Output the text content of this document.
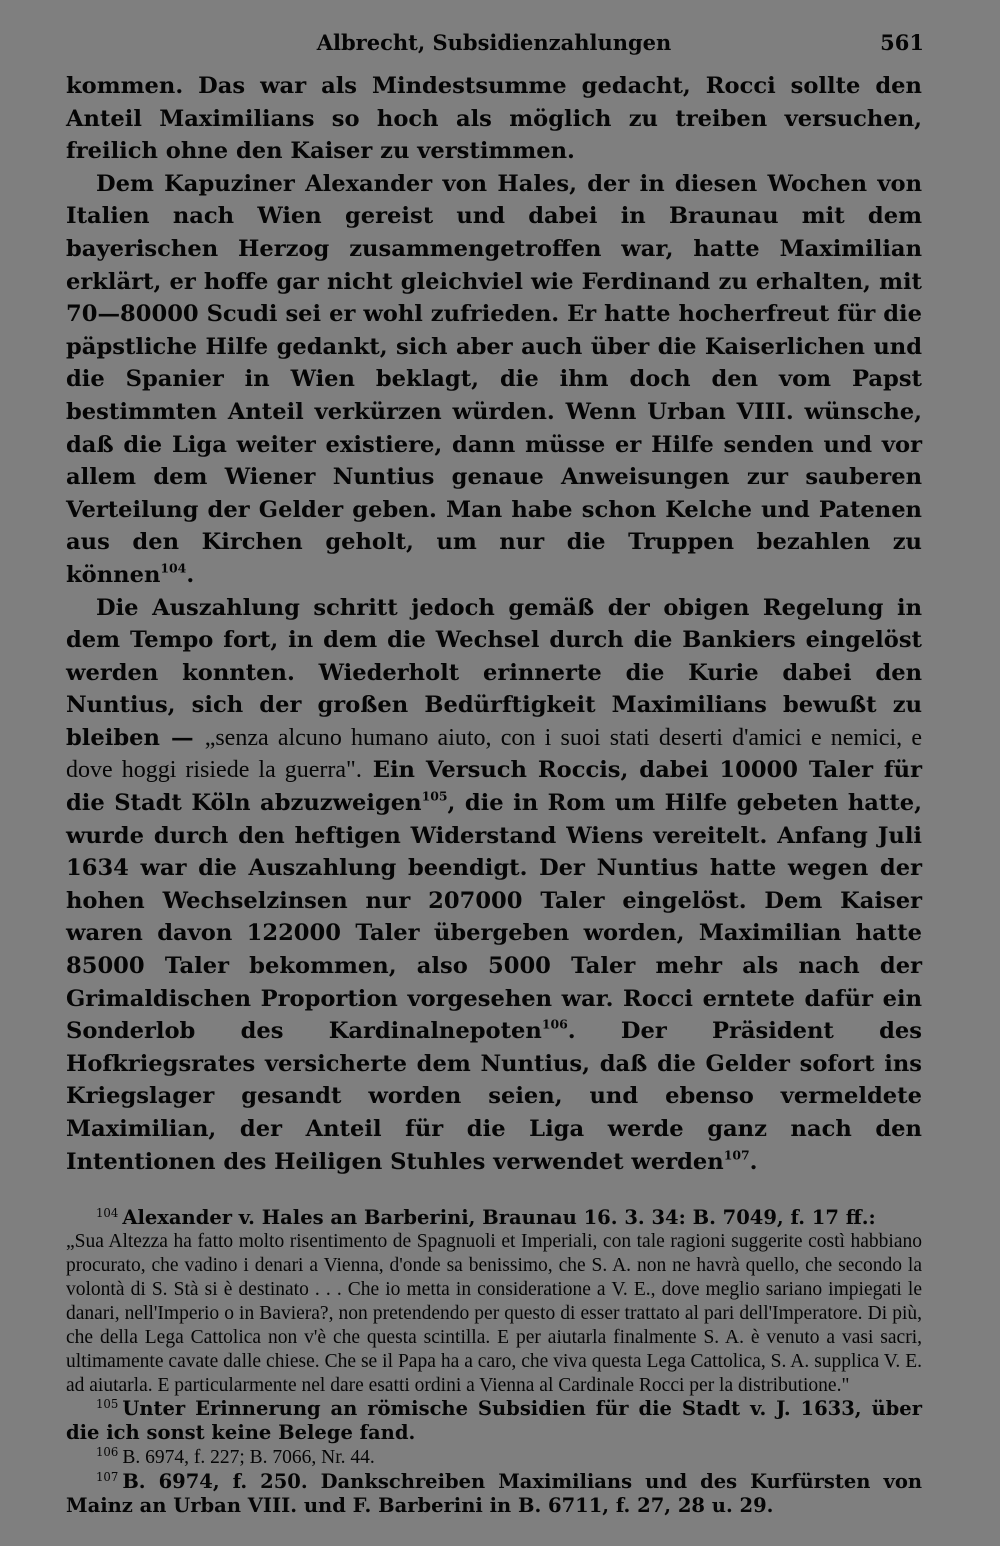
Albrecht, Subsidienzahlungen	561

kommen. Das war als Mindestsumme gedacht, Rocci sollte den Anteil Maximilians so hoch als möglich zu treiben versuchen, freilich ohne den Kaiser zu verstimmen.

Dem Kapuziner Alexander von Hales, der in diesen Wochen von Italien nach Wien gereist und dabei in Braunau mit dem bayerischen Herzog zusammengetroffen war, hatte Maximilian erklärt, er hoffe gar nicht gleichviel wie Ferdinand zu erhalten, mit 70—80000 Scudi sei er wohl zufrieden. Er hatte hocherfreut für die päpstliche Hilfe gedankt, sich aber auch über die Kaiserlichen und die Spanier in Wien beklagt, die ihm doch den vom Papst bestimmten Anteil verkürzen würden. Wenn Urban VIII. wünsche, daß die Liga weiter existiere, dann müsse er Hilfe senden und vor allem dem Wiener Nuntius genaue Anweisungen zur sauberen Verteilung der Gelder geben. Man habe schon Kelche und Patenen aus den Kirchen geholt, um nur die Truppen bezahlen zu können$^{104}$.

Die Auszahlung schritt jedoch gemäß der obigen Regelung in dem Tempo fort, in dem die Wechsel durch die Bankiers eingelöst werden konnten. Wiederholt erinnerte die Kurie dabei den Nuntius, sich der großen Bedürftigkeit Maximilians bewußt zu bleiben — „senza alcuno humano aiuto, con i suoi stati deserti d'amici e nemici, e dove hoggi risiede la guerra". Ein Versuch Roccis, dabei 10000 Taler für die Stadt Köln abzuzweigen$^{105}$, die in Rom um Hilfe gebeten hatte, wurde durch den heftigen Widerstand Wiens vereitelt. Anfang Juli 1634 war die Auszahlung beendigt. Der Nuntius hatte wegen der hohen Wechselzinsen nur 207000 Taler eingelöst. Dem Kaiser waren davon 122000 Taler übergeben worden, Maximilian hatte 85000 Taler bekommen, also 5000 Taler mehr als nach der Grimaldischen Proportion vorgesehen war. Rocci erntete dafür ein Sonderlob des Kardinalnepoten$^{106}$. Der Präsident des Hofkriegsrates versicherte dem Nuntius, daß die Gelder sofort ins Kriegslager gesandt worden seien, und ebenso vermeldete Maximilian, der Anteil für die Liga werde ganz nach den Intentionen des Heiligen Stuhles verwendet werden$^{107}$.

$^{104}$ Alexander v. Hales an Barberini, Braunau 16. 3. 34: B. 7049, f. 17 ff.:

„Sua Altezza ha fatto molto risentimento de Spagnuoli et Imperiali, con tale ragioni suggerite costì habbiano procurato, che vadino i denari a Vienna, d'onde sa benissimo, che S. A. non ne havrà quello, che secondo la volontà di S. Stà si è destinato . . . Che io metta in consideratione a V. E., dove meglio sariano impiegati le danari, nell'Imperio o in Baviera?, non pretendendo per questo di esser trattato al pari dell'Imperatore. Di più, che della Lega Cattolica non v'è che questa scintilla. E per aiutarla finalmente S. A. è venuto a vasi sacri, ultimamente cavate dalle chiese. Che se il Papa ha a caro, che viva questa Lega Cattolica, S. A. supplica V. E. ad aiutarla. E particularmente nel dare esatti ordini a Vienna al Cardinale Rocci per la distributione."

$^{105}$ Unter Erinnerung an römische Subsidien für die Stadt v. J. 1633, über die ich sonst keine Belege fand.

$^{106}$ B. 6974, f. 227; B. 7066, Nr. 44.

$^{107}$ B. 6974, f. 250. Dankschreiben Maximilians und des Kurfürsten von Mainz an Urban VIII. und F. Barberini in B. 6711, f. 27, 28 u. 29.
